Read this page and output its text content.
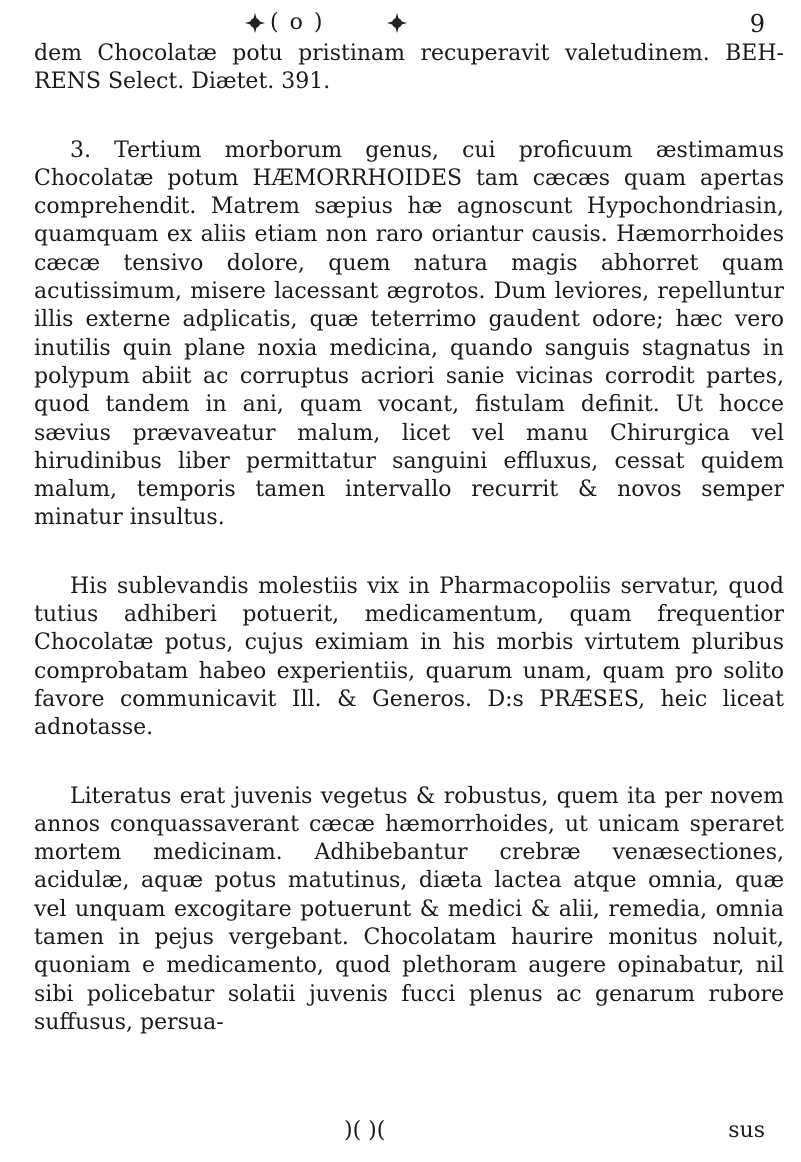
( o )	9

dem Chocolatæ potu pristinam recuperavit valetudinem. BEH-RENS Select. Diætet. 391.

3. Tertium morborum genus, cui proficuum æstimamus Chocolatæ potum HÆMORRHOIDES tam cæcæs quam apertas comprehendit. Matrem sæpius hæ agnoscunt Hypochondriasin, quamquam ex aliis etiam non raro oriantur causis. Hæmorrhoides cæcæ tensivo dolore, quem natura magis abhorret quam acutissimum, misere lacessant ægrotos. Dum leviores, repelluntur illis externe adplicatis, quæ teterrimo gaudent odore; hæc vero inutilis quin plane noxia medicina, quando sanguis stagnatus in polypum abiit ac corruptus acriori sanie vicinas corrodit partes, quod tandem in ani, quam vocant, fistulam definit. Ut hocce sævius prævaveatur malum, licet vel manu Chirurgica vel hirudinibus liber permittatur sanguini effluxus, cessat quidem malum, temporis tamen intervallo recurrit & novos semper minatur insultus.

His sublevandis molestiis vix in Pharmacopoliis servatur, quod tutius adhiberi potuerit, medicamentum, quam frequentior Chocolatæ potus, cujus eximiam in his morbis virtutem pluribus comprobatam habeo experientiis, quarum unam, quam pro solito favore communicavit Ill. & Generos. D:s PRÆSES, heic liceat adnotasse.

Literatus erat juvenis vegetus & robustus, quem ita per novem annos conquassaverant cæcæ hæmorrhoides, ut unicam speraret mortem medicinam. Adhibebantur crebræ venæsectiones, acidulæ, aquæ potus matutinus, diæta lactea atque omnia, quæ vel unquam excogitare potuerunt & medici & alii, remedia, omnia tamen in pejus vergebant. Chocolatam haurire monitus noluit, quoniam e medicamento, quod plethoram augere opinabatur, nil sibi policebatur solatii juvenis fucci plenus ac genarum rubore suffusus, persua-

)( )(	sus
